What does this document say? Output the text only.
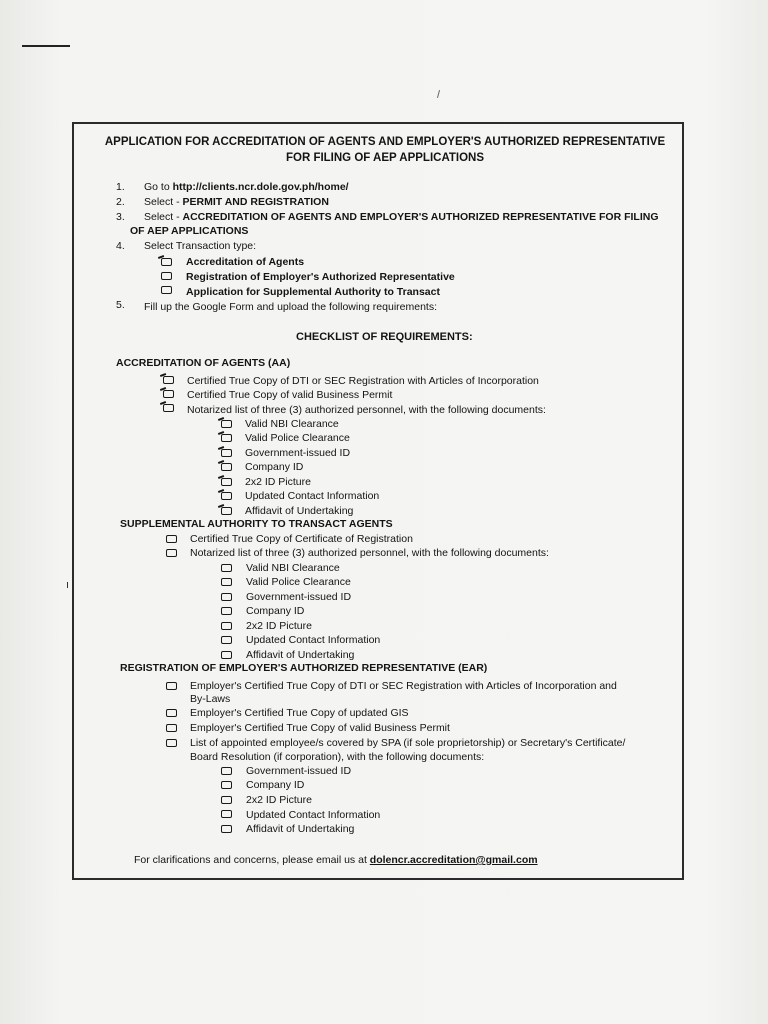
APPLICATION FOR ACCREDITATION OF AGENTS AND EMPLOYER'S AUTHORIZED REPRESENTATIVE
FOR FILING OF AEP APPLICATIONS
1. Go to http://clients.ncr.dole.gov.ph/home/
2. Select - PERMIT AND REGISTRATION
3. Select - ACCREDITATION OF AGENTS AND EMPLOYER'S AUTHORIZED REPRESENTATIVE FOR FILING
OF AEP APPLICATIONS
4. Select Transaction type:
Accreditation of Agents
Registration of Employer's Authorized Representative
Application for Supplemental Authority to Transact
5. Fill up the Google Form and upload the following requirements:
CHECKLIST OF REQUIREMENTS:
ACCREDITATION OF AGENTS (AA)
Certified True Copy of DTI or SEC Registration with Articles of Incorporation
Certified True Copy of valid Business Permit
Notarized list of three (3) authorized personnel, with the following documents:
Valid NBI Clearance
Valid Police Clearance
Government-issued ID
Company ID
2x2 ID Picture
Updated Contact Information
Affidavit of Undertaking
SUPPLEMENTAL AUTHORITY TO TRANSACT AGENTS
Certified True Copy of Certificate of Registration
Notarized list of three (3) authorized personnel, with the following documents:
Valid NBI Clearance
Valid Police Clearance
Government-issued ID
Company ID
2x2 ID Picture
Updated Contact Information
Affidavit of Undertaking
REGISTRATION OF EMPLOYER'S AUTHORIZED REPRESENTATIVE (EAR)
Employer's Certified True Copy of DTI or SEC Registration with Articles of Incorporation and
By-Laws
Employer's Certified True Copy of updated GIS
Employer's Certified True Copy of valid Business Permit
List of appointed employee/s covered by SPA (if sole proprietorship) or Secretary's Certificate/
Board Resolution (if corporation), with the following documents:
Government-issued ID
Company ID
2x2 ID Picture
Updated Contact Information
Affidavit of Undertaking
For clarifications and concerns, please email us at dolencr.accreditation@gmail.com
